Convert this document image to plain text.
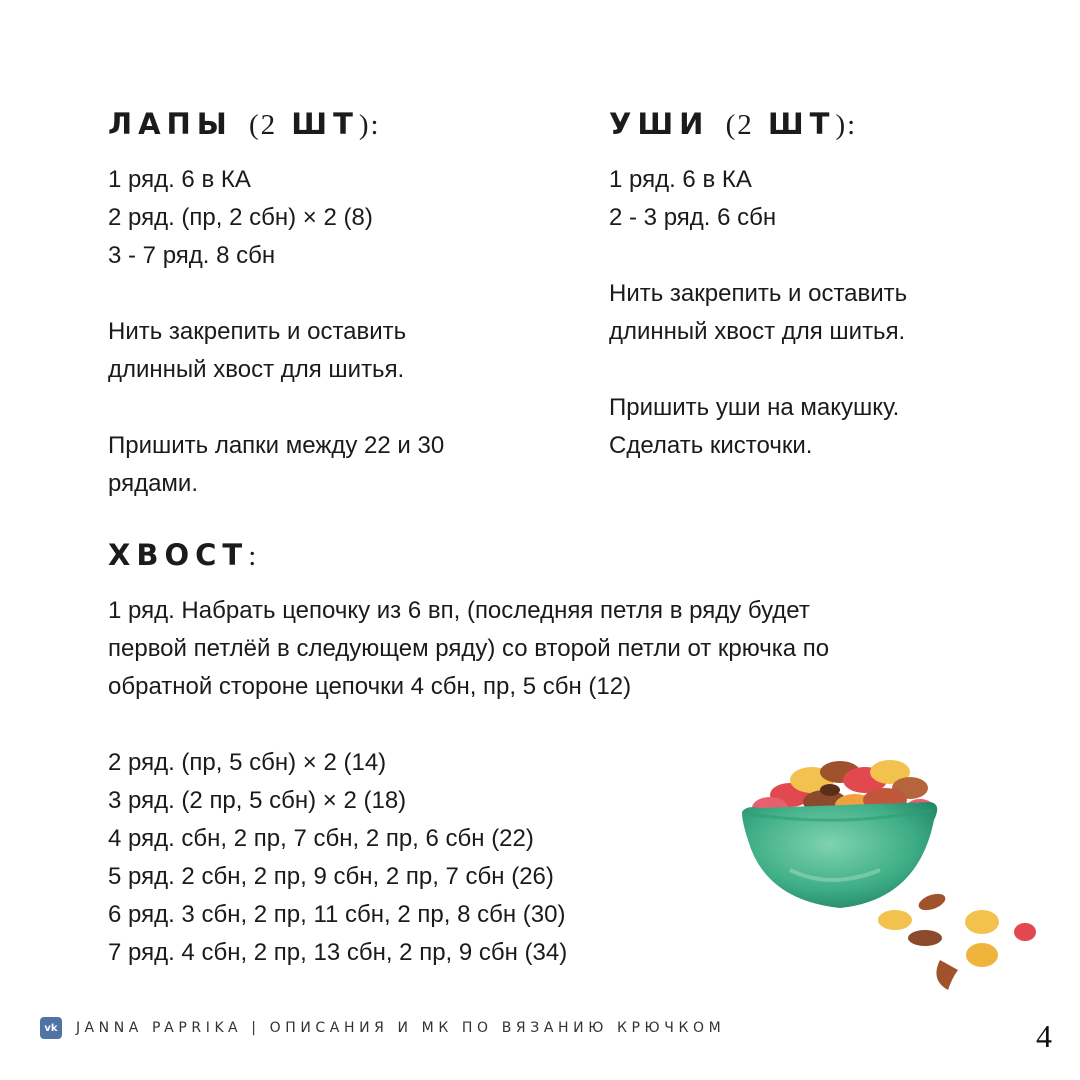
ЛАПЫ (2 ШТ):
1 ряд. 6 в КА
2 ряд. (пр, 2 сбн) × 2 (8)
3 - 7 ряд. 8 сбн
Нить закрепить и оставить
длинный хвост для шитья.
Пришить лапки между 22 и 30
рядами.
УШИ (2 ШТ):
1 ряд. 6 в КА
2 - 3 ряд. 6 сбн
Нить закрепить и оставить
длинный хвост для шитья.
Пришить уши на макушку.
Сделать кисточки.
ХВОСТ:
1 ряд. Набрать цепочку из 6 вп, (последняя петля в ряду будет
первой петлёй в следующем ряду) со второй петли от крючка по
обратной стороне цепочки 4 сбн, пр, 5 сбн (12)
2 ряд. (пр, 5 сбн) × 2 (14)
3 ряд. (2 пр, 5 сбн) × 2 (18)
4 ряд. сбн, 2 пр, 7 сбн, 2 пр, 6 сбн (22)
5 ряд. 2 сбн, 2 пр, 9 сбн, 2 пр, 7 сбн (26)
6 ряд. 3 сбн, 2 пр, 11 сбн, 2 пр, 8 сбн (30)
7 ряд. 4 сбн, 2 пр, 13 сбн, 2 пр, 9 сбн (34)
vk	JANNA PAPRIKA | ОПИСАНИЯ И МК ПО ВЯЗАНИЮ КРЮЧКОМ	4
